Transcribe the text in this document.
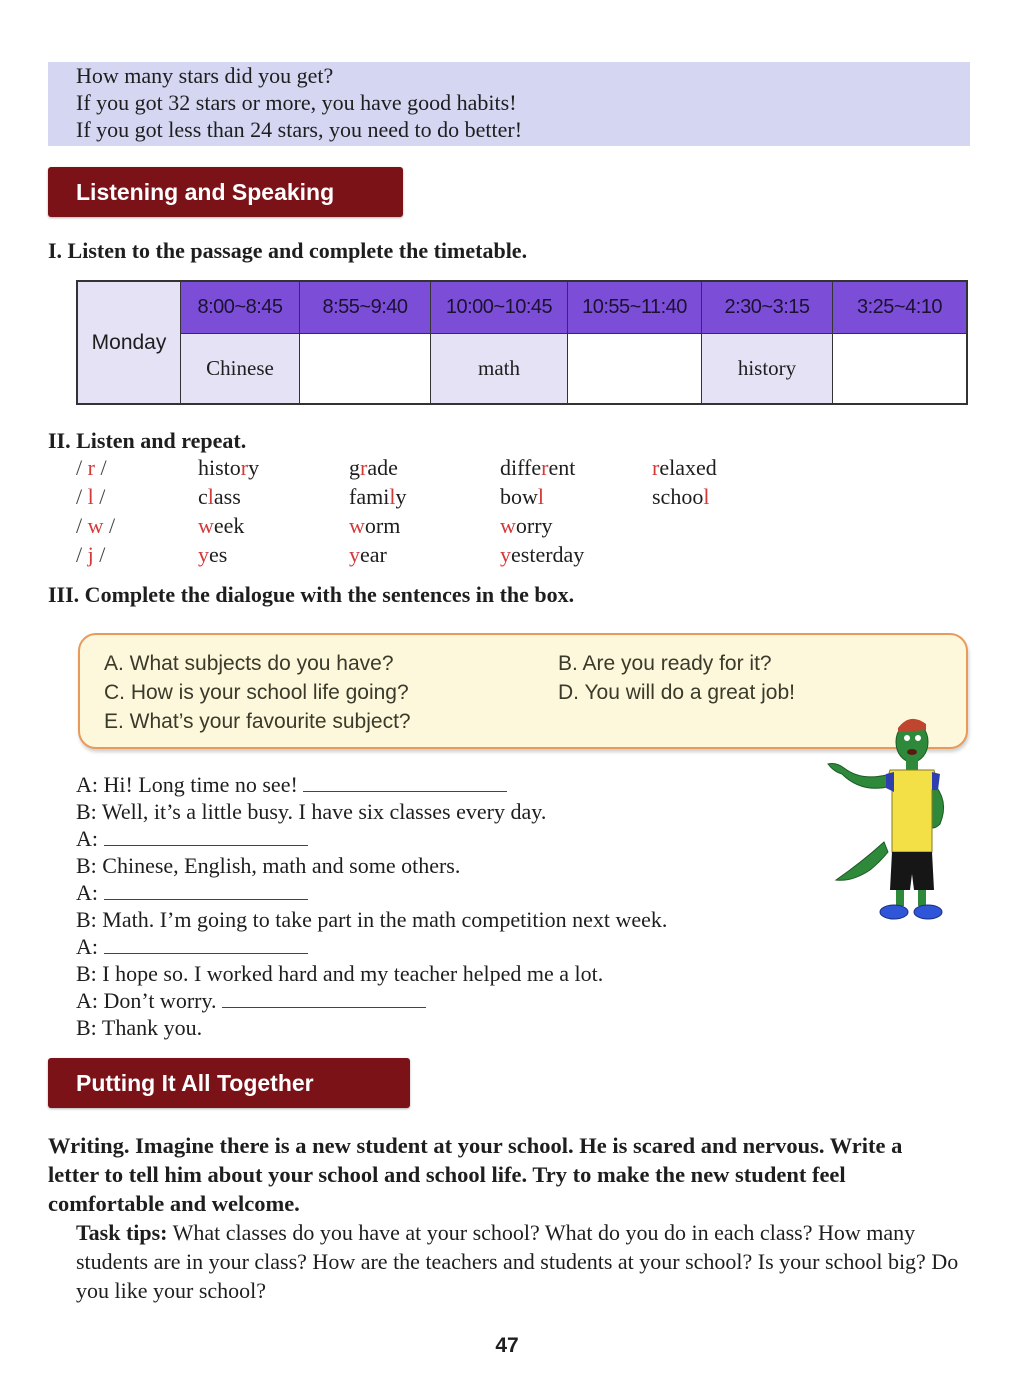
How many stars did you get?
If you got 32 stars or more, you have good habits!
If you got less than 24 stars, you need to do better!
Listening and Speaking
I. Listen to the passage and complete the timetable.
Monday	8:00~8:45	8:55~9:40	10:00~10:45	10:55~11:40	2:30~3:15	3:25~4:10
	Chinese		math		history	
II. Listen and repeat.
/ r /	history	grade	different	relaxed
/ l /	class	family	bowl	school
/ w /	week	worm	worry
/ j /	yes	year	yesterday
III. Complete the dialogue with the sentences in the box.
A. What subjects do you have?	B. Are you ready for it?
C. How is your school life going?	D. You will do a great job!
E. What’s your favourite subject?
A: Hi! Long time no see!
B: Well, it’s a little busy. I have six classes every day.
A:
B: Chinese, English, math and some others.
A:
B: Math. I’m going to take part in the math competition next week.
A:
B: I hope so. I worked hard and my teacher helped me a lot.
A: Don’t worry.
B: Thank you.
Putting It All Together
Writing. Imagine there is a new student at your school. He is scared and nervous. Write a letter to tell him about your school and school life. Try to make the new student feel comfortable and welcome.
Task tips: What classes do you have at your school? What do you do in each class? How many students are in your class? How are the teachers and students at your school? Is your school big? Do you like your school?
47
